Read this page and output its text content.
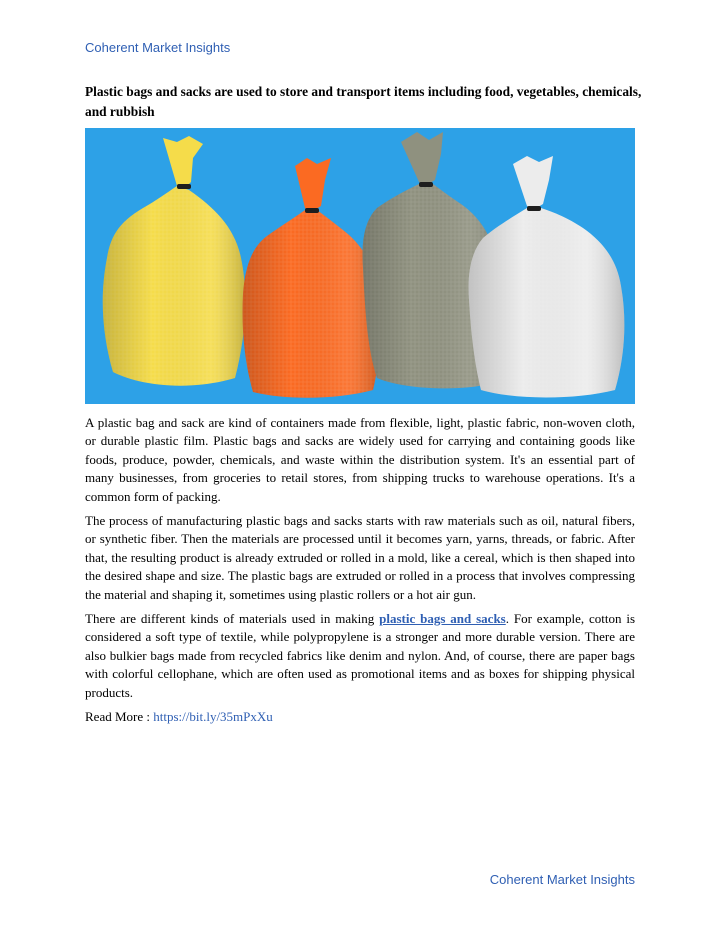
Coherent Market Insights
Plastic bags and sacks are used to store and transport items including food, vegetables, chemicals, and rubbish

A plastic bag and sack are kind of containers made from flexible, light, plastic fabric, non-woven cloth, or durable plastic film. Plastic bags and sacks are widely used for carrying and containing goods like foods, produce, powder, chemicals, and waste within the distribution system. It's an essential part of many businesses, from groceries to retail stores, from shipping trucks to warehouse operations. It's a common form of packing.

The process of manufacturing plastic bags and sacks starts with raw materials such as oil, natural fibers, or synthetic fiber. Then the materials are processed until it becomes yarn, yarns, threads, or fabric. After that, the resulting product is already extruded or rolled in a mold, like a cereal, which is then shaped into the desired shape and size. The plastic bags are extruded or rolled in a process that involves compressing the material and shaping it, sometimes using plastic rollers or a hot air gun.

There are different kinds of materials used in making plastic bags and sacks. For example, cotton is considered a soft type of textile, while polypropylene is a stronger and more durable version. There are also bulkier bags made from recycled fabrics like denim and nylon. And, of course, there are paper bags with colorful cellophane, which are often used as promotional items and as boxes for shipping physical products.

Read More : https://bit.ly/35mPxXu

Coherent Market Insights
